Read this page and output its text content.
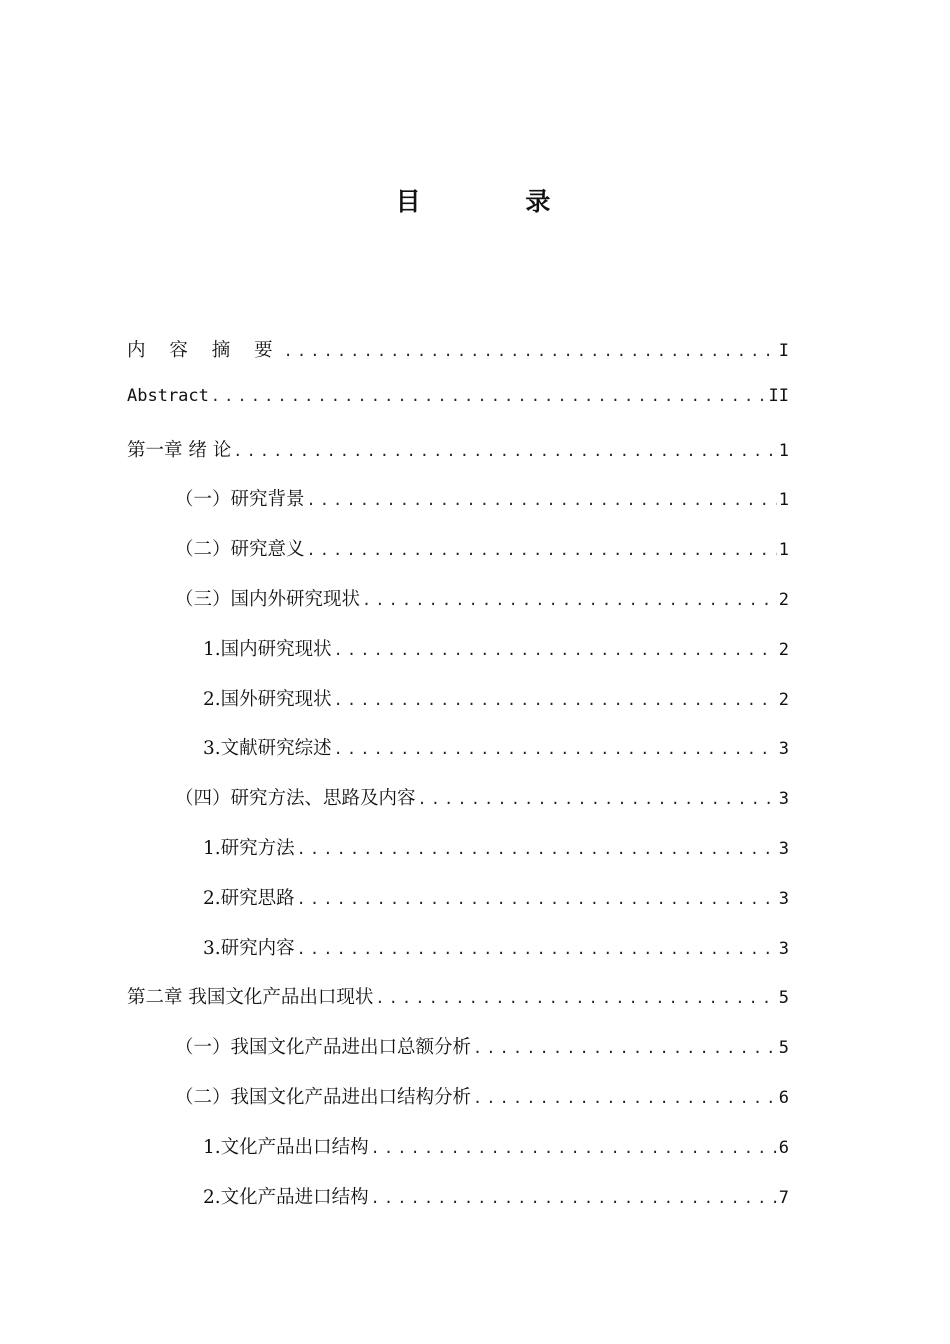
目 录
内 容 摘 要 .....	I
Abstract .....	II
第一章 绪 论 .....	1
（一）研究背景 .....	1
（二）研究意义 .....	1
（三）国内外研究现状 .....	2
1.国内研究现状 .....	2
2.国外研究现状 .....	2
3.文献研究综述 .....	3
（四）研究方法、思路及内容 .....	3
1.研究方法 .....	3
2.研究思路 .....	3
3.研究内容 .....	3
第二章 我国文化产品出口现状 .....	5
（一）我国文化产品进出口总额分析 .....	5
（二）我国文化产品进出口结构分析 .....	6
1.文化产品出口结构 .....	6
2.文化产品进口结构 .....	7
